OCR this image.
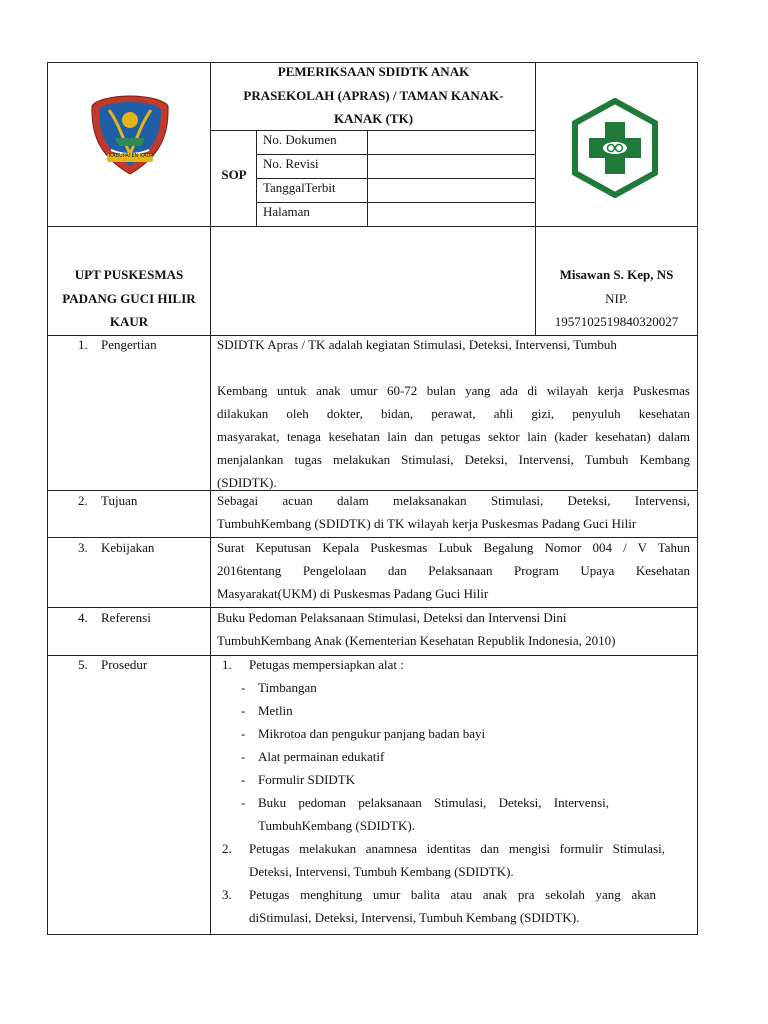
KABUPATEN KAUR
PEMERIKSAAN SDIDTK ANAK
PRASEKOLAH (APRAS) / TAMAN KANAK-
KANAK (TK)
SOP
No. Dokumen
No. Revisi
TanggalTerbit
Halaman
UPT PUSKESMAS
PADANG GUCI HILIR
KAUR
Misawan S. Kep, NS
NIP.
1957102519840320027
1. Pengertian
2. Tujuan
3. Kebijakan
4. Referensi
5. Prosedur
SDIDTK Apras / TK adalah kegiatan Stimulasi, Deteksi, Intervensi, Tumbuh
Kembang untuk anak umur 60-72 bulan yang ada di wilayah kerja Puskesmas
dilakukan oleh dokter, bidan, perawat, ahli gizi, penyuluh kesehatan
masyarakat, tenaga kesehatan lain dan petugas sektor lain (kader kesehatan) dalam
menjalankan tugas melakukan Stimulasi, Deteksi, Intervensi, Tumbuh Kembang
(SDIDTK).
Sebagai acuan dalam melaksanakan Stimulasi, Deteksi, Intervensi,
TumbuhKembang (SDIDTK) di TK wilayah kerja Puskesmas Padang Guci Hilir
Surat Keputusan Kepala Puskesmas Lubuk Begalung Nomor 004 / V Tahun
2016tentang Pengelolaan dan Pelaksanaan Program Upaya Kesehatan
Masyarakat(UKM) di Puskesmas Padang Guci Hilir
Buku Pedoman Pelaksanaan Stimulasi, Deteksi dan Intervensi Dini
TumbuhKembang Anak (Kementerian Kesehatan Republik Indonesia, 2010)
1. Petugas mempersiapkan alat :
- Timbangan
- Metlin
- Mikrotoa dan pengukur panjang badan bayi
- Alat permainan edukatif
- Formulir SDIDTK
- Buku pedoman pelaksanaan Stimulasi, Deteksi, Intervensi,
TumbuhKembang (SDIDTK).
2. Petugas melakukan anamnesa identitas dan mengisi formulir Stimulasi,
Deteksi, Intervensi, Tumbuh Kembang (SDIDTK).
3. Petugas menghitung umur balita atau anak pra sekolah yang akan
diStimulasi, Deteksi, Intervensi, Tumbuh Kembang (SDIDTK).
